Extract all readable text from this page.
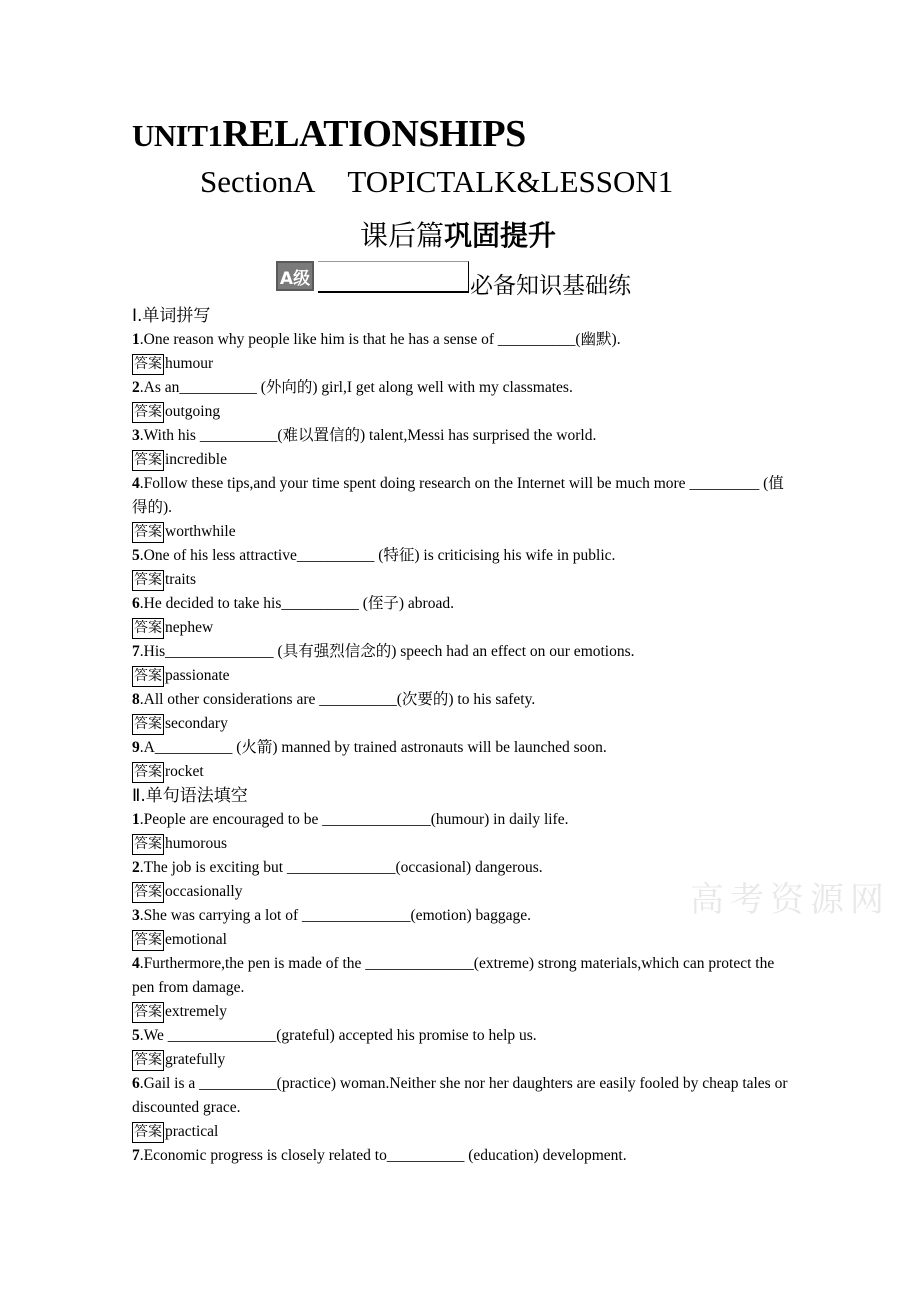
UNIT1RELATIONSHIPS
SectionA TOPICTALK&LESSON1
课后篇巩固提升
A级	必备知识基础练

Ⅰ.单词拼写

1.One reason why people like him is that he has a sense of __________(幽默).

答案 humour

2.As an__________ (外向的) girl,I get along well with my classmates.

答案 outgoing

3.With his __________(难以置信的) talent,Messi has surprised the world.

答案 incredible

4.Follow these tips,and your time spent doing research on the Internet will be much more _________ (值得的).

答案 worthwhile

5.One of his less attractive__________ (特征) is criticising his wife in public.

答案 traits

6.He decided to take his__________ (侄子) abroad.

答案 nephew

7.His______________ (具有强烈信念的) speech had an effect on our emotions.

答案 passionate

8.All other considerations are __________(次要的) to his safety.

答案 secondary

9.A__________ (火箭) manned by trained astronauts will be launched soon.

答案 rocket

Ⅱ.单句语法填空

1.People are encouraged to be ______________(humour) in daily life.

答案 humorous

2.The job is exciting but ______________(occasional) dangerous.

答案 occasionally

3.She was carrying a lot of ______________(emotion) baggage.

答案 emotional

4.Furthermore,the pen is made of the ______________(extreme) strong materials,which can protect the pen from damage.

答案 extremely

5.We ______________(grateful) accepted his promise to help us.

答案 gratefully

6.Gail is a __________(practice) woman.Neither she nor her daughters are easily fooled by cheap tales or discounted grace.

答案 practical

7.Economic progress is closely related to__________ (education) development.

高考资源网
